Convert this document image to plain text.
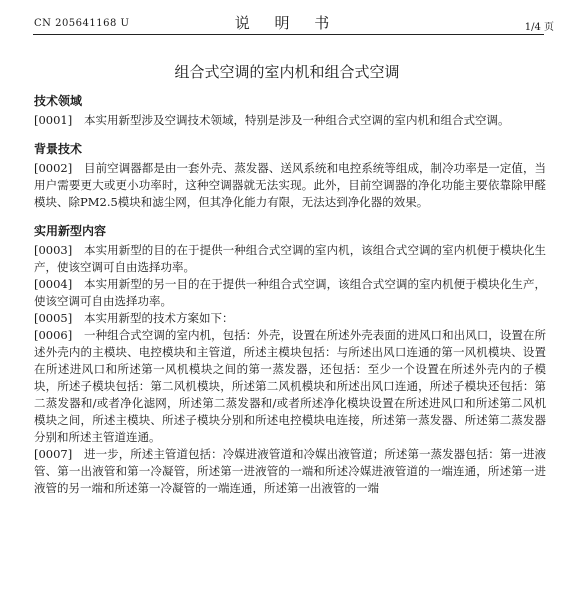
CN 205641168 U	说 明 书	1/4 页
组合式空调的室内机和组合式空调
技术领域

[0001] 本实用新型涉及空调技术领域，特别是涉及一种组合式空调的室内机和组合式空调。

背景技术

[0002] 目前空调器都是由一套外壳、蒸发器、送风系统和电控系统等组成，制冷功率是一定值，当用户需要更大或更小功率时，这种空调器就无法实现。此外，目前空调器的净化功能主要依靠除甲醛模块、除PM2.5模块和滤尘网，但其净化能力有限，无法达到净化器的效果。

实用新型内容

[0003] 本实用新型的目的在于提供一种组合式空调的室内机，该组合式空调的室内机便于模块化生产，使该空调可自由选择功率。

[0004] 本实用新型的另一目的在于提供一种组合式空调，该组合式空调的室内机便于模块化生产，使该空调可自由选择功率。

[0005] 本实用新型的技术方案如下：

[0006] 一种组合式空调的室内机，包括：外壳，设置在所述外壳表面的进风口和出风口，设置在所述外壳内的主模块、电控模块和主管道，所述主模块包括：与所述出风口连通的第一风机模块、设置在所述进风口和所述第一风机模块之间的第一蒸发器，还包括：至少一个设置在所述外壳内的子模块，所述子模块包括：第二风机模块，所述第二风机模块和所述出风口连通，所述子模块还包括：第二蒸发器和/或者净化滤网，所述第二蒸发器和/或者所述净化模块设置在所述进风口和所述第二风机模块之间，所述主模块、所述子模块分别和所述电控模块电连接，所述第一蒸发器、所述第二蒸发器分别和所述主管道连通。

[0007] 进一步，所述主管道包括：冷媒进液管道和冷媒出液管道；所述第一蒸发器包括：第一进液管、第一出液管和第一冷凝管，所述第一进液管的一端和所述冷媒进液管道的一端连通，所述第一进液管的另一端和所述第一冷凝管的一端连通，所述第一出液管的一端
